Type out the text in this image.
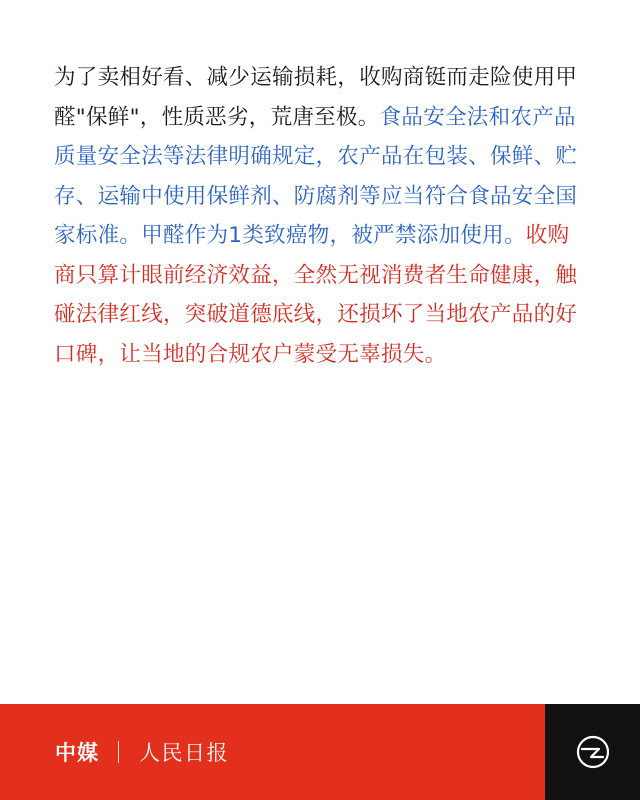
为了卖相好看、减少运输损耗，收购商铤而走险使用甲醛"保鲜"，性质恶劣，荒唐至极。食品安全法和农产品质量安全法等法律明确规定，农产品在包装、保鲜、贮存、运输中使用保鲜剂、防腐剂等应当符合食品安全国家标准。甲醛作为1类致癌物，被严禁添加使用。收购商只算计眼前经济效益，全然无视消费者生命健康，触碰法律红线，突破道德底线，还损坏了当地农产品的好口碑，让当地的合规农户蒙受无辜损失。
中媒 人民日报
